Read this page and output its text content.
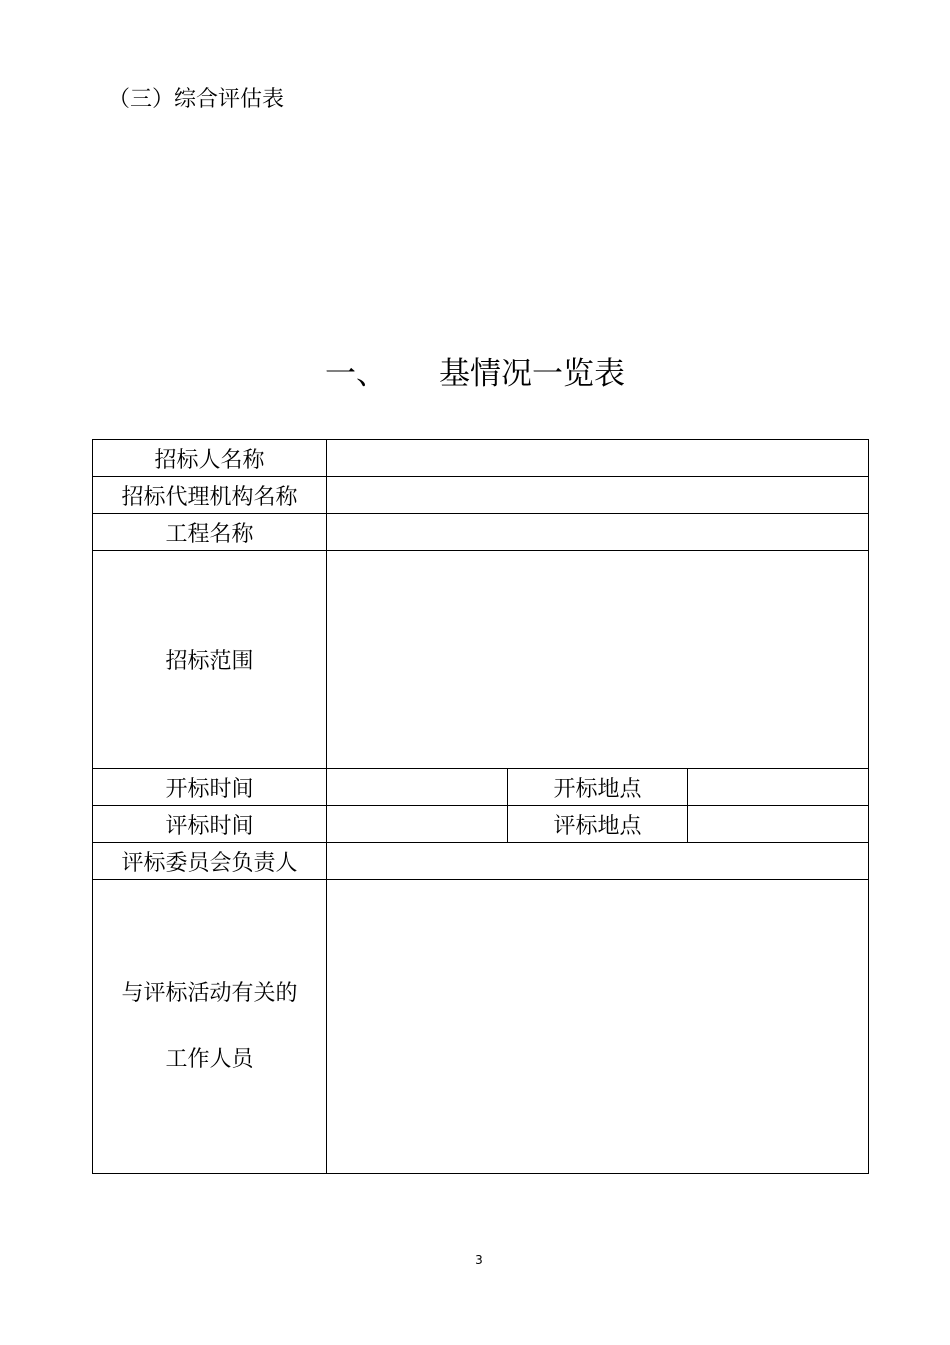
（三）综合评估表
一、 基情况一览表
招标人名称			
招标代理机构名称			
工程名称			
招标范围			
开标时间		开标地点	
评标时间		评标地点	
评标委员会负责人			

与评标活动有关的
工作人员			

3
